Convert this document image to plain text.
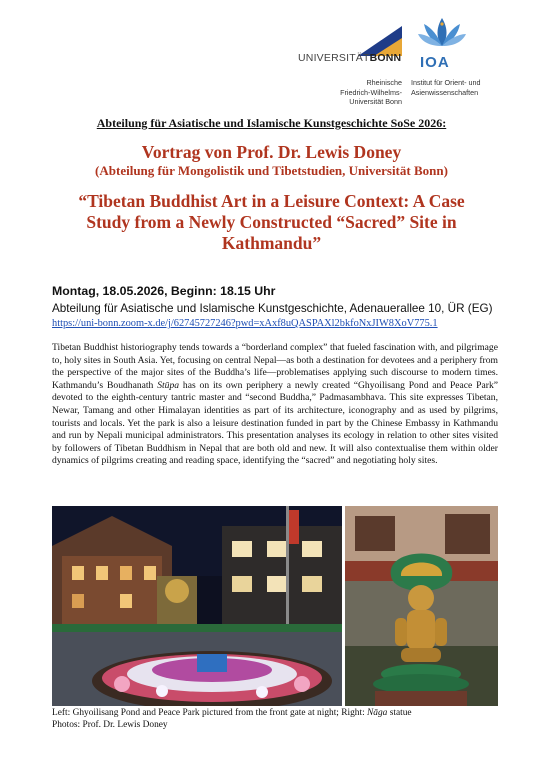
UNIVERSITÄTBONN IOA
Rheinische
Friedrich-Wilhelms-
Universität Bonn
Institut für Orient- und
Asienwissenschaften
Abteilung für Asiatische und Islamische Kunstgeschichte SoSe 2026:
Vortrag von Prof. Dr. Lewis Doney
(Abteilung für Mongolistik und Tibetstudien, Universität Bonn)
“Tibetan Buddhist Art in a Leisure Context: A Case
Study from a Newly Constructed “Sacred” Site in
Kathmandu”
Montag, 18.05.2026, Beginn: 18.15 Uhr
Abteilung für Asiatische und Islamische Kunstgeschichte, Adenauerallee 10, ÜR (EG)
https://uni-bonn.zoom-x.de/j/62745727246?pwd=xAxf8uQASPAXl2bkfoNxJIW8XoV775.1
Tibetan Buddhist historiography tends towards a “borderland complex” that fueled fascination with, and pilgrimage to, holy sites in South Asia. Yet, focusing on central Nepal—as both a destination for devotees and a periphery from the perspective of the major sites of the Buddha’s life—problematises applying such discourse to modern times. Kathmandu’s Boudhanath Stūpa has on its own periphery a newly created “Ghyoilisang Pond and Peace Park” devoted to the eighth-century tantric master and “second Buddha,” Padmasambhava. This site expresses Tibetan, Newar, Tamang and other Himalayan identities as part of its architecture, iconography and as used by pilgrims, tourists and locals. Yet the park is also a leisure destination funded in part by the Chinese Embassy in Kathmandu and run by Nepali municipal administrators. This presentation analyses its ecology in relation to other sites visited by followers of Tibetan Buddhism in Nepal that are both old and new. It will also contextualise them within older dynamics of pilgrims creating and reading space, identifying the “sacred” and negotiating holy sites.
Left: Ghyoilisang Pond and Peace Park pictured from the front gate at night; Right: Nāga statue
Photos: Prof. Dr. Lewis Doney
